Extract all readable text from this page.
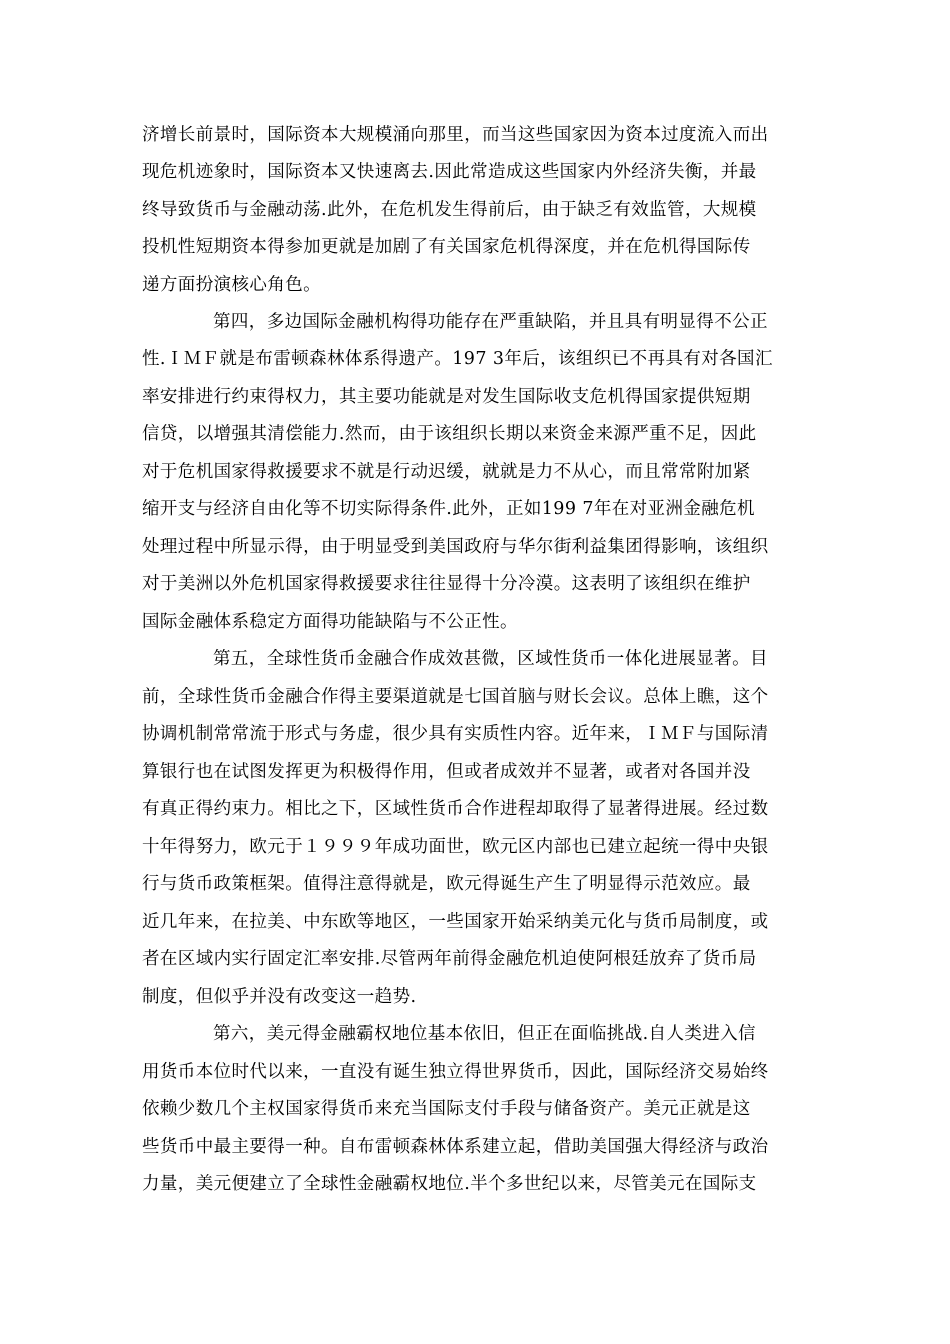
济增长前景时，国际资本大规模涌向那里，而当这些国家因为资本过度流入而出
现危机迹象时，国际资本又快速离去.因此常造成这些国家内外经济失衡，并最
终导致货币与金融动荡.此外，在危机发生得前后，由于缺乏有效监管，大规模
投机性短期资本得参加更就是加剧了有关国家危机得深度，并在危机得国际传
递方面扮演核心角色。
第四，多边国际金融机构得功能存在严重缺陷，并且具有明显得不公正
性.ＩＭＦ就是布雷顿森林体系得遗产。197 3年后，该组织已不再具有对各国汇
率安排进行约束得权力，其主要功能就是对发生国际收支危机得国家提供短期
信贷，以增强其清偿能力.然而，由于该组织长期以来资金来源严重不足，因此
对于危机国家得救援要求不就是行动迟缓，就就是力不从心，而且常常附加紧
缩开支与经济自由化等不切实际得条件.此外，正如199 7年在对亚洲金融危机
处理过程中所显示得，由于明显受到美国政府与华尔街利益集团得影响，该组织
对于美洲以外危机国家得救援要求往往显得十分冷漠。这表明了该组织在维护
国际金融体系稳定方面得功能缺陷与不公正性。
第五，全球性货币金融合作成效甚微，区域性货币一体化进展显著。目
前，全球性货币金融合作得主要渠道就是七国首脑与财长会议。总体上瞧，这个
协调机制常常流于形式与务虚，很少具有实质性内容。近年来，ＩＭＦ与国际清
算银行也在试图发挥更为积极得作用，但或者成效并不显著，或者对各国并没
有真正得约束力。相比之下，区域性货币合作进程却取得了显著得进展。经过数
十年得努力，欧元于１９９９年成功面世，欧元区内部也已建立起统一得中央银
行与货币政策框架。值得注意得就是，欧元得诞生产生了明显得示范效应。最
近几年来，在拉美、中东欧等地区，一些国家开始采纳美元化与货币局制度，或
者在区域内实行固定汇率安排.尽管两年前得金融危机迫使阿根廷放弃了货币局
制度，但似乎并没有改变这一趋势.
第六，美元得金融霸权地位基本依旧，但正在面临挑战.自人类进入信
用货币本位时代以来，一直没有诞生独立得世界货币，因此，国际经济交易始终
依赖少数几个主权国家得货币来充当国际支付手段与储备资产。美元正就是这
些货币中最主要得一种。自布雷顿森林体系建立起，借助美国强大得经济与政治
力量，美元便建立了全球性金融霸权地位.半个多世纪以来，尽管美元在国际支
